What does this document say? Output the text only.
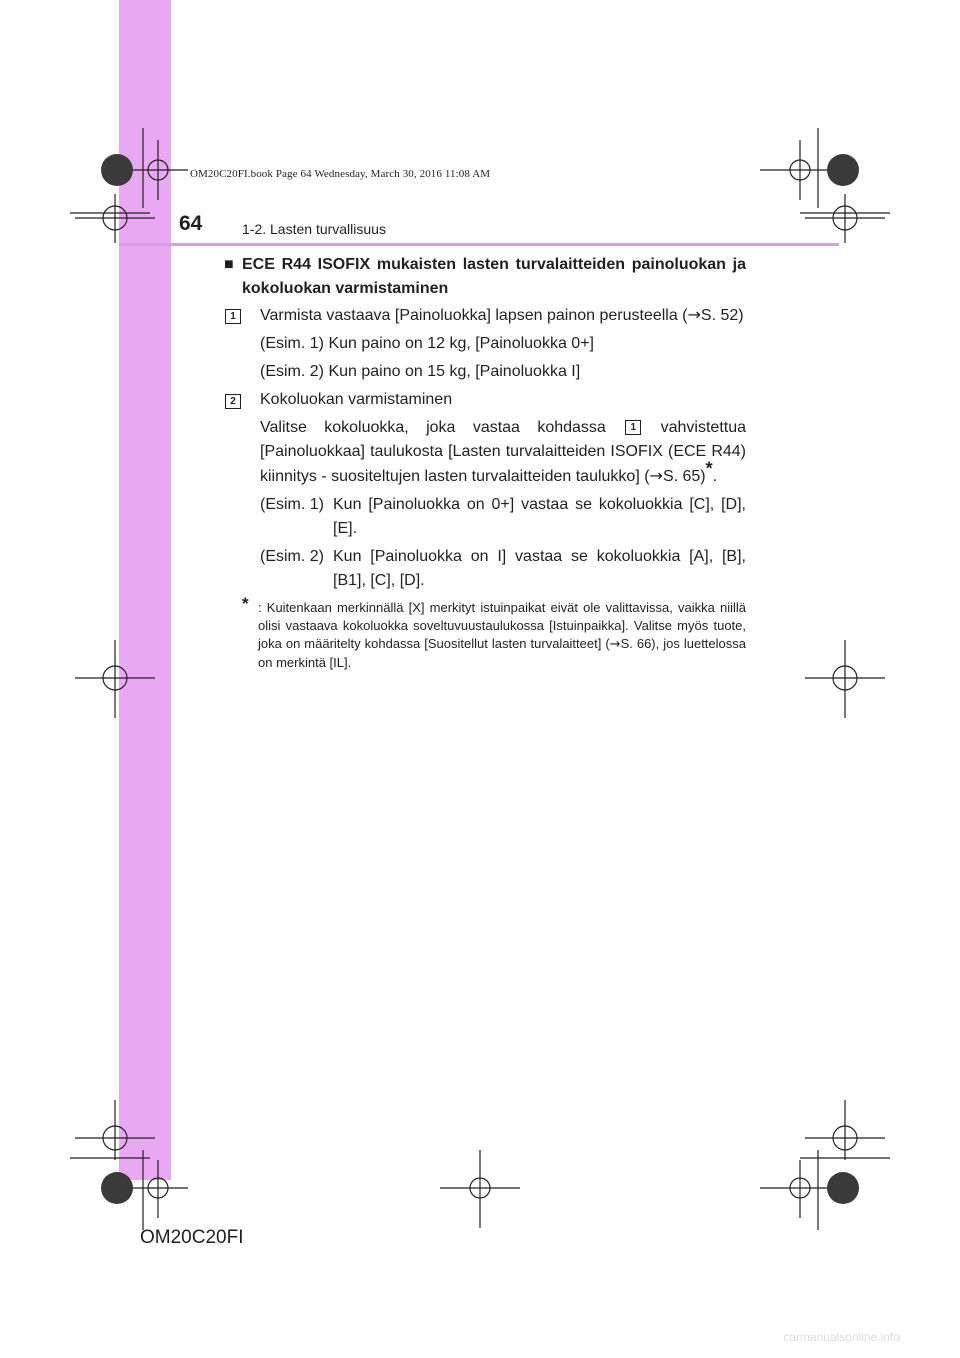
OM20C20FI.book Page 64 Wednesday, March 30, 2016 11:08 AM
64	1-2. Lasten turvallisuus

■ ECE R44 ISOFIX mukaisten lasten turvalaitteiden painoluokan ja kokoluokan varmistaminen

1	Varmista vastaava [Painoluokka] lapsen painon perusteella (→S. 52)

(Esim. 1) Kun paino on 12 kg, [Painoluokka 0+]

(Esim. 2) Kun paino on 15 kg, [Painoluokka I]

2	Kokoluokan varmistaminen

Valitse kokoluokka, joka vastaa kohdassa 1 vahvistettua [Painoluokkaa] taulukosta [Lasten turvalaitteiden ISOFIX (ECE R44) kiinnitys - suositeltujen lasten turvalaitteiden taulukko] (→S. 65)*.

(Esim. 1) Kun [Painoluokka on 0+] vastaa se kokoluokkia [C], [D], [E].

(Esim. 2) Kun [Painoluokka on I] vastaa se kokoluokkia [A], [B], [B1], [C], [D].

* : Kuitenkaan merkinnällä [X] merkityt istuinpaikat eivät ole valittavissa, vaikka niillä olisi vastaava kokoluokka soveltuvuustaulukossa [Istuinpaikka]. Valitse myös tuote, joka on määritelty kohdassa [Suositellut lasten turvalaitteet] (→S. 66), jos luettelossa on merkintä [IL].
OM20C20FI
carmanualsonline.info
